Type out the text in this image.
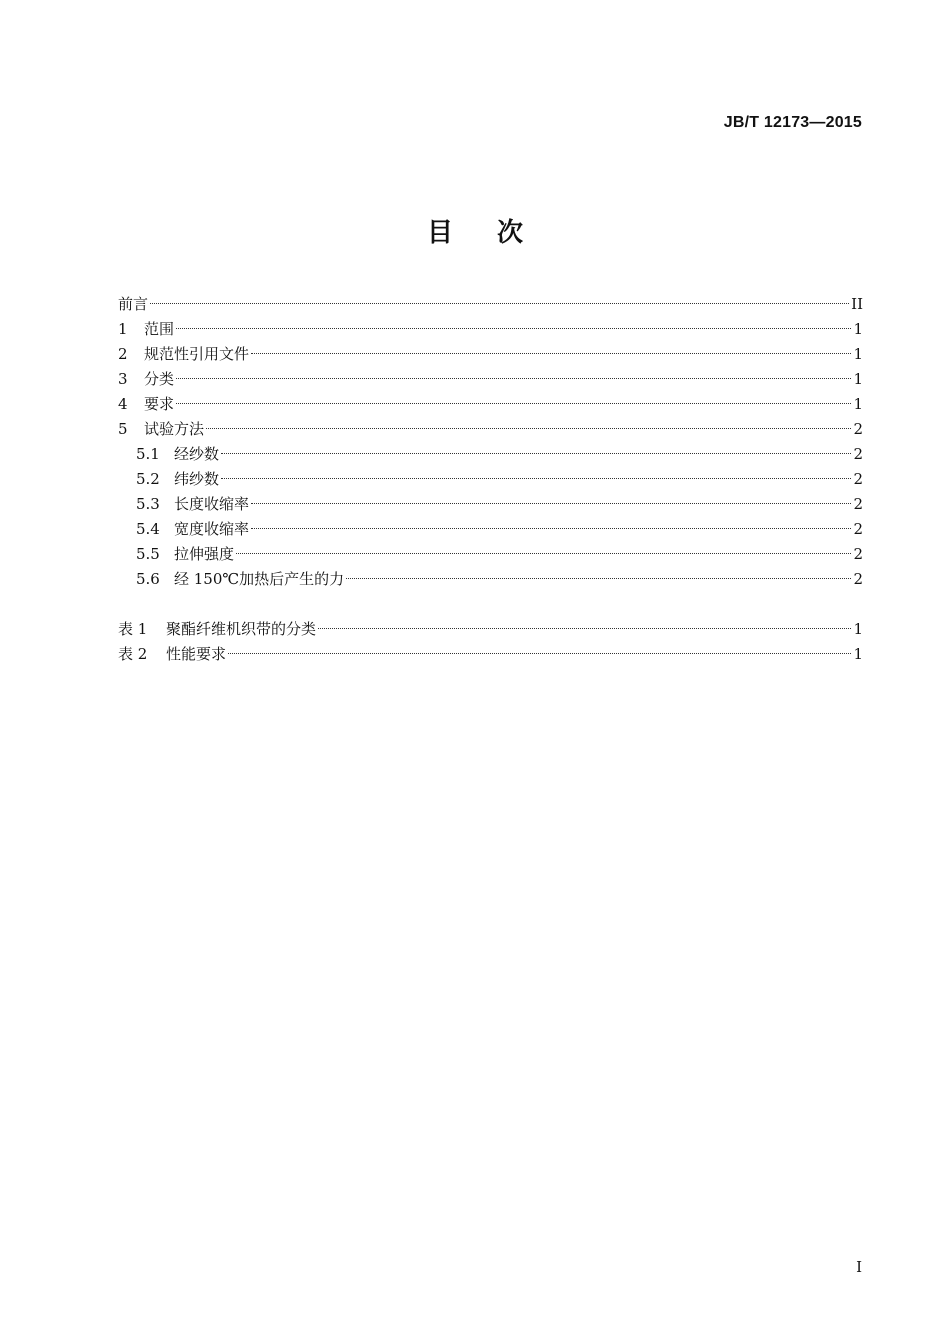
JB/T 12173—2015
目次
前言	II
1	范围	1
2	规范性引用文件	1
3	分类	1
4	要求	1
5	试验方法	2
5.1 经纱数	2
5.2 纬纱数	2
5.3 长度收缩率	2
5.4 宽度收缩率	2
5.5 拉伸强度	2
5.6 经 150℃加热后产生的力	2
表 1	聚酯纤维机织带的分类	1
表 2	性能要求	1
I
